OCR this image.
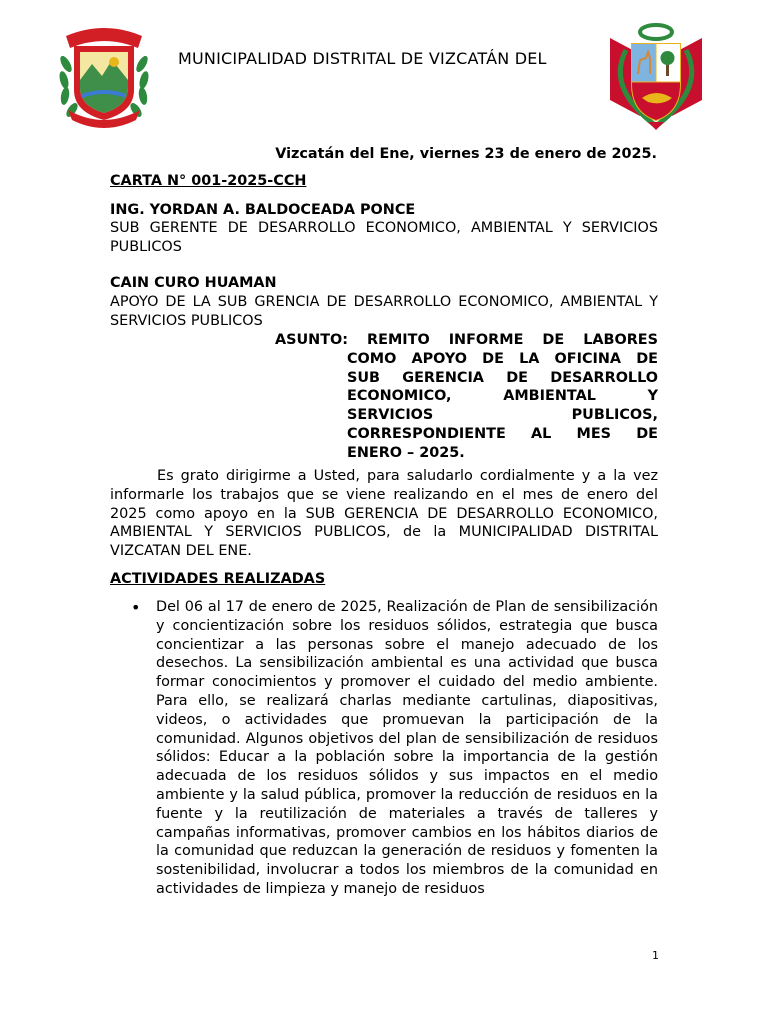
MUNICIPALIDAD DISTRITAL DE VIZCATÁN DEL
Vizcatán del Ene, viernes 23 de enero de 2025.
CARTA N° 001-2025-CCH
ING. YORDAN A. BALDOCEADA PONCE
SUB GERENTE DE DESARROLLO ECONOMICO, AMBIENTAL Y SERVICIOS PUBLICOS
CAIN CURO HUAMAN
APOYO DE LA SUB GRENCIA DE DESARROLLO ECONOMICO, AMBIENTAL Y SERVICIOS PUBLICOS
ASUNTO: REMITO INFORME DE LABORES
COMO APOYO DE LA OFICINA DE
SUB GERENCIA DE DESARROLLO
ECONOMICO, AMBIENTAL Y
SERVICIOS PUBLICOS,
CORRESPONDIENTE AL MES DE
ENERO – 2025.
Es grato dirigirme a Usted, para saludarlo cordialmente y a la vez informarle los trabajos que se viene realizando en el mes de enero del 2025 como apoyo en la SUB GERENCIA DE DESARROLLO ECONOMICO, AMBIENTAL Y SERVICIOS PUBLICOS, de la MUNICIPALIDAD DISTRITAL VIZCATAN DEL ENE.
ACTIVIDADES REALIZADAS
• Del 06 al 17 de enero de 2025, Realización de Plan de sensibilización y concientización sobre los residuos sólidos, estrategia que busca concientizar a las personas sobre el manejo adecuado de los desechos. La sensibilización ambiental es una actividad que busca formar conocimientos y promover el cuidado del medio ambiente. Para ello, se realizará charlas mediante cartulinas, diapositivas, videos, o actividades que promuevan la participación de la comunidad. Algunos objetivos del plan de sensibilización de residuos sólidos: Educar a la población sobre la importancia de la gestión adecuada de los residuos sólidos y sus impactos en el medio ambiente y la salud pública, promover la reducción de residuos en la fuente y la reutilización de materiales a través de talleres y campañas informativas, promover cambios en los hábitos diarios de la comunidad que reduzcan la generación de residuos y fomenten la sostenibilidad, involucrar a todos los miembros de la comunidad en actividades de limpieza y manejo de residuos
1
